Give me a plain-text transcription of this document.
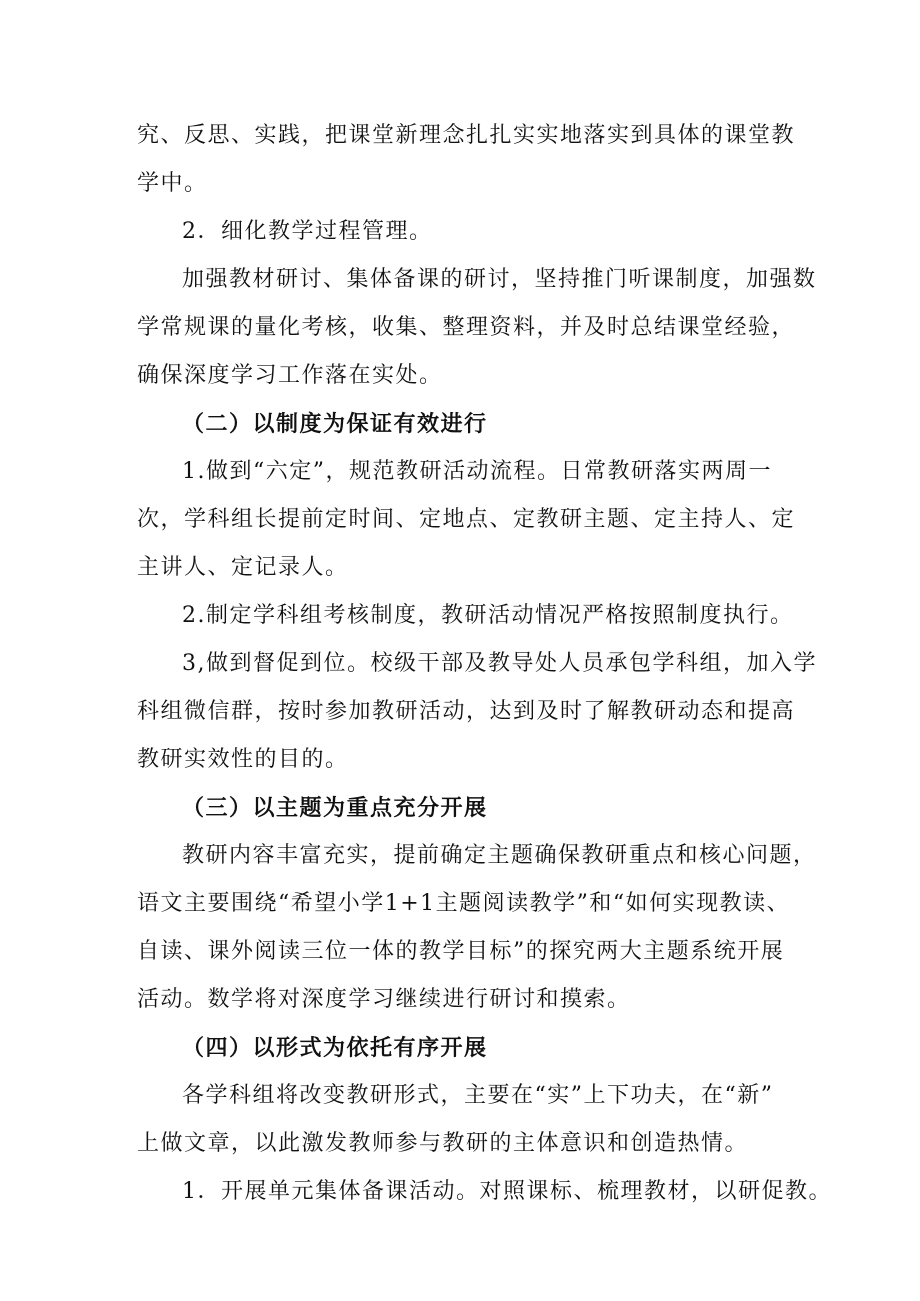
究、反思、实践，把课堂新理念扎扎实实地落实到具体的课堂教
学中。
2．细化教学过程管理。
加强教材研讨、集体备课的研讨，坚持推门听课制度，加强数
学常规课的量化考核，收集、整理资料，并及时总结课堂经验，
确保深度学习工作落在实处。
（二）以制度为保证有效进行
1.做到“六定”，规范教研活动流程。日常教研落实两周一
次，学科组长提前定时间、定地点、定教研主题、定主持人、定
主讲人、定记录人。
2.制定学科组考核制度，教研活动情况严格按照制度执行。
3,做到督促到位。校级干部及教导处人员承包学科组，加入学
科组微信群，按时参加教研活动，达到及时了解教研动态和提高
教研实效性的目的。
（三）以主题为重点充分开展
教研内容丰富充实，提前确定主题确保教研重点和核心问题，
语文主要围绕“希望小学1+1主题阅读教学”和“如何实现教读、
自读、课外阅读三位一体的教学目标”的探究两大主题系统开展
活动。数学将对深度学习继续进行研讨和摸索。
（四）以形式为依托有序开展
各学科组将改变教研形式，主要在“实”上下功夫，在“新”
上做文章，以此激发教师参与教研的主体意识和创造热情。
1．开展单元集体备课活动。对照课标、梳理教材，以研促教。
